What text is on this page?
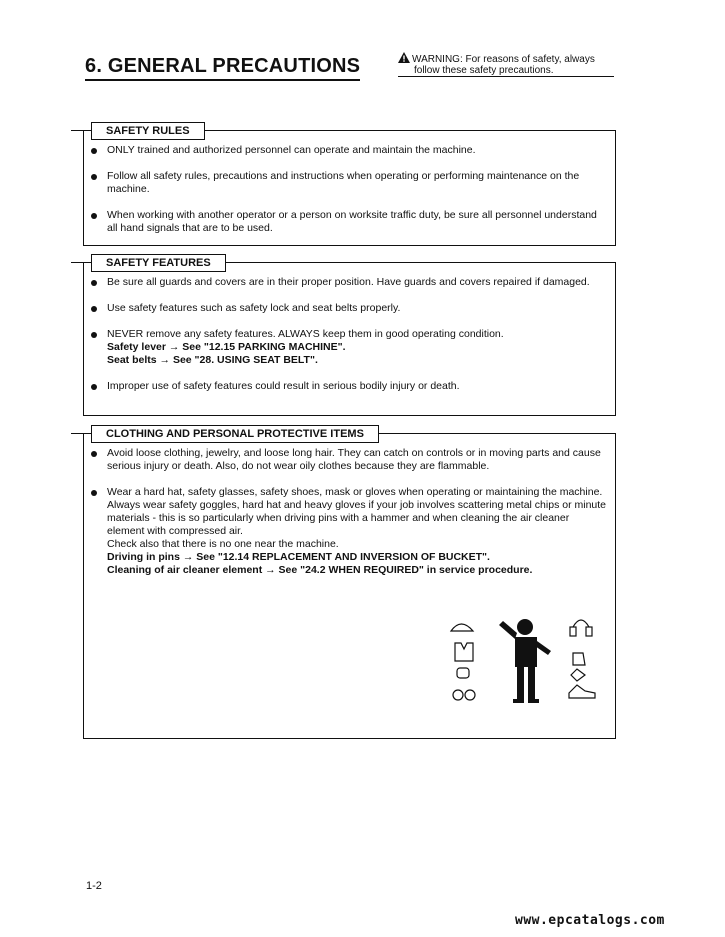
6. GENERAL PRECAUTIONS	WARNING: For reasons of safety, always
follow these safety precautions.
SAFETY RULES
ONLY trained and authorized personnel can operate and maintain the machine.
Follow all safety rules, precautions and instructions when operating or performing maintenance on the machine.
When working with another operator or a person on worksite traffic duty, be sure all personnel understand all hand signals that are to be used.
SAFETY FEATURES
Be sure all guards and covers are in their proper position. Have guards and covers repaired if damaged.
Use safety features such as safety lock and seat belts properly.
NEVER remove any safety features. ALWAYS keep them in good operating condition.
Safety lever → See "12.15 PARKING MACHINE".
Seat belts → See "28. USING SEAT BELT".
Improper use of safety features could result in serious bodily injury or death.
CLOTHING AND PERSONAL PROTECTIVE ITEMS
Avoid loose clothing, jewelry, and loose long hair. They can catch on controls or in moving parts and cause serious injury or death. Also, do not wear oily clothes because they are flammable.
Wear a hard hat, safety glasses, safety shoes, mask or gloves when operating or maintaining the machine. Always wear safety goggles, hard hat and heavy gloves if your job involves scattering metal chips or minute materials - this is so particularly when driving pins with a hammer and when cleaning the air cleaner element with compressed air.
Check also that there is no one near the machine.
Driving in pins → See "12.14 REPLACEMENT AND INVERSION OF BUCKET".
Cleaning of air cleaner element → See "24.2 WHEN REQUIRED" in service procedure.
1-2
www.epcatalogs.com
